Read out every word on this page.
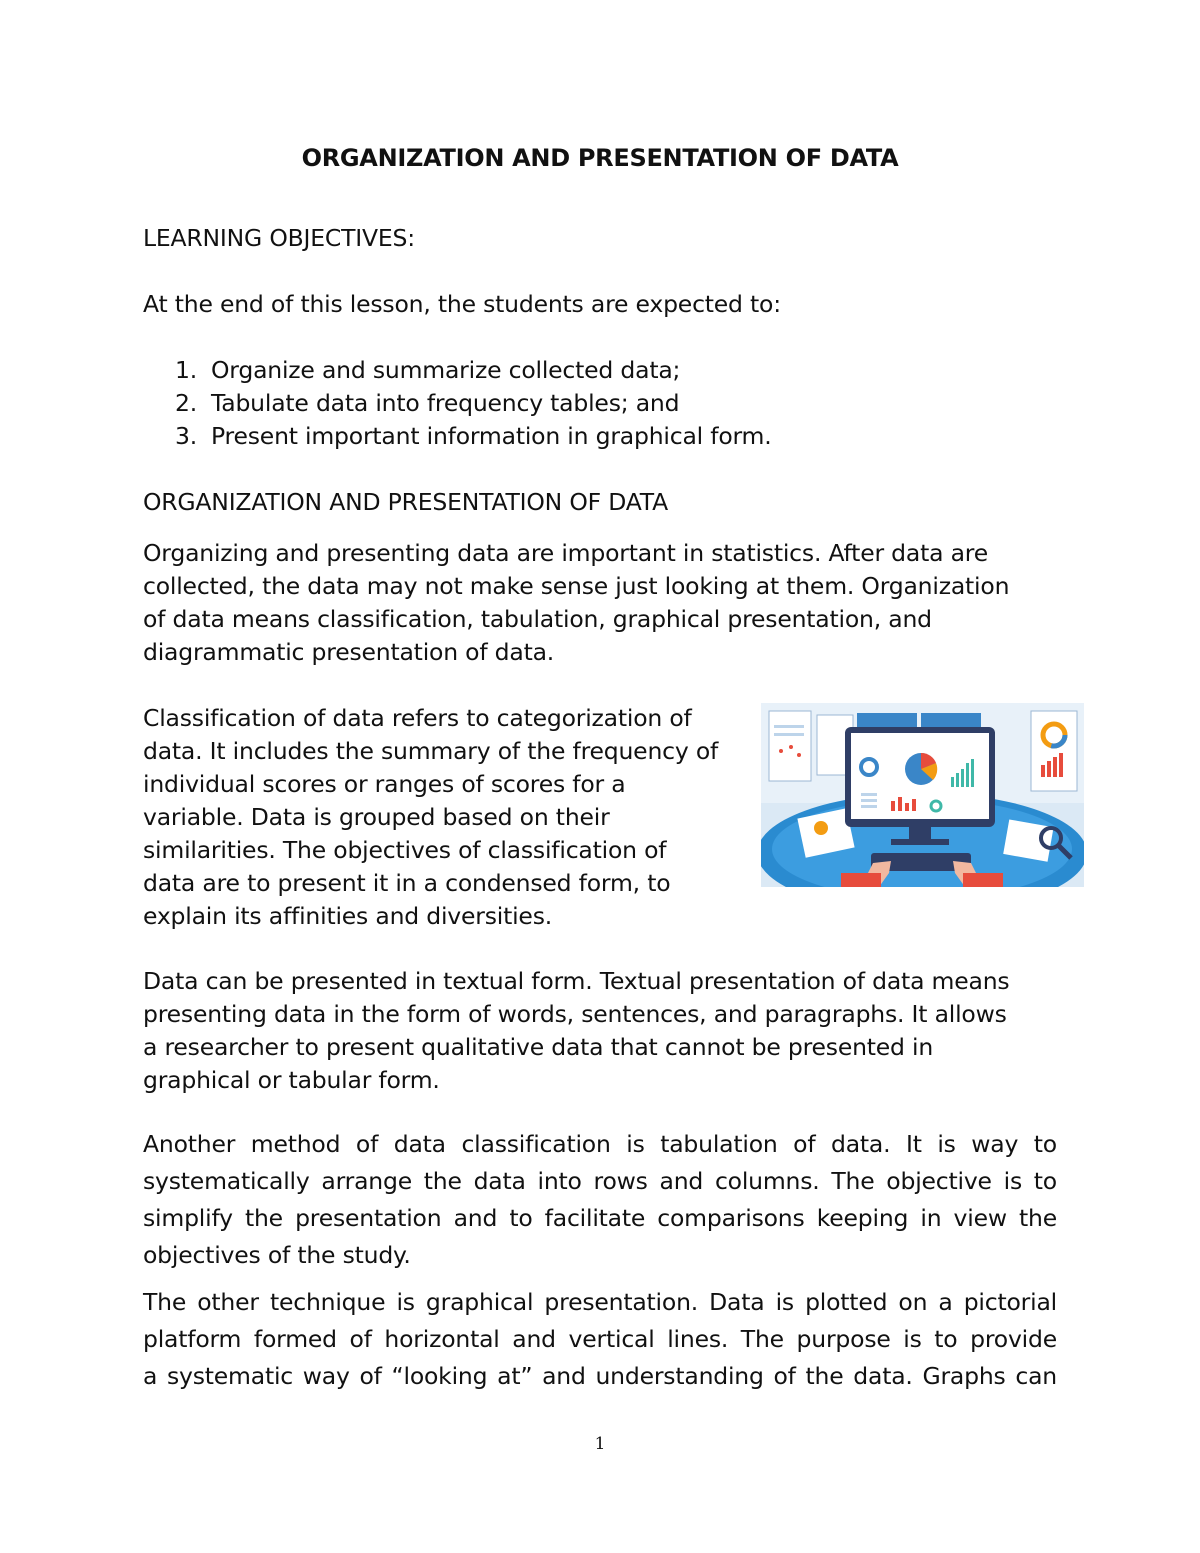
ORGANIZATION AND PRESENTATION OF DATA

LEARNING OBJECTIVES:

At the end of this lesson, the students are expected to:

1. Organize and summarize collected data;
2. Tabulate data into frequency tables; and
3. Present important information in graphical form.

ORGANIZATION AND PRESENTATION OF DATA

Organizing and presenting data are important in statistics. After data are
collected, the data may not make sense just looking at them. Organization
of data means classification, tabulation, graphical presentation, and
diagrammatic presentation of data.
Classification of data refers to categorization of
data. It includes the summary of the frequency of
individual scores or ranges of scores for a
variable. Data is grouped based on their
similarities. The objectives of classification of
data are to present it in a condensed form, to
explain its affinities and diversities.
Data can be presented in textual form. Textual presentation of data means
presenting data in the form of words, sentences, and paragraphs. It allows
a researcher to present qualitative data that cannot be presented in
graphical or tabular form.
Another method of data classification is tabulation of data. It is way to
systematically arrange the data into rows and columns. The objective is to
simplify the presentation and to facilitate comparisons keeping in view the
objectives of the study.
The other technique is graphical presentation. Data is plotted on a pictorial
platform formed of horizontal and vertical lines. The purpose is to provide
a systematic way of “looking at” and understanding of the data. Graphs can

1
